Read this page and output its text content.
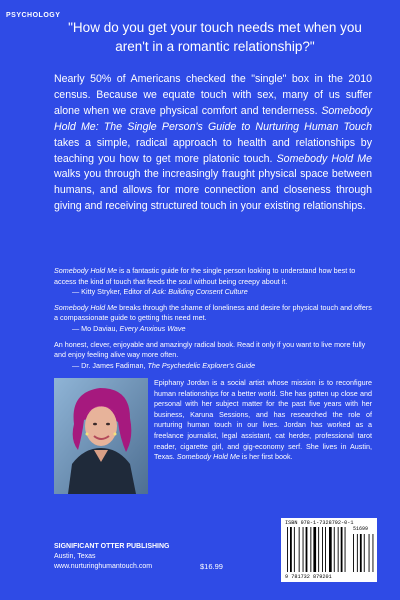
PSYCHOLOGY
"How do you get your touch needs met when you aren't in a romantic relationship?"
Nearly 50% of Americans checked the "single" box in the 2010 census. Because we equate touch with sex, many of us suffer alone when we crave physical comfort and tenderness. Somebody Hold Me: The Single Person's Guide to Nurturing Human Touch takes a simple, radical approach to health and relationships by teaching you how to get more platonic touch. Somebody Hold Me walks you through the increasingly fraught physical space between humans, and allows for more connection and closeness through giving and receiving structured touch in your existing relationships.
Somebody Hold Me is a fantastic guide for the single person looking to understand how best to access the kind of touch that feeds the soul without being creepy about it.
— Kitty Stryker, Editor of Ask: Building Consent Culture
Somebody Hold Me breaks through the shame of loneliness and desire for physical touch and offers a compassionate guide to getting this need met.
— Mo Daviau, Every Anxious Wave
An honest, clever, enjoyable and amazingly radical book. Read it only if you want to live more fully and enjoy feeling alive way more often.
— Dr. James Fadiman, The Psychedelic Explorer's Guide
Epiphany Jordan is a social artist whose mission is to reconfigure human relationships for a better world. She has gotten up close and personal with her subject matter for the past five years with her business, Karuna Sessions, and has researched the role of nurturing human touch in our lives. Jordan has worked as a freelance journalist, legal assistant, cat herder, professional tarot reader, cigarette girl, and gig-economy serf. She lives in Austin, Texas. Somebody Hold Me is her first book.
SIGNIFICANT OTTER PUBLISHING
Austin, Texas
www.nurturinghumantouch.com	$16.99
ISBN 978-1-7328792-0-1
51699
9 781732 879201
